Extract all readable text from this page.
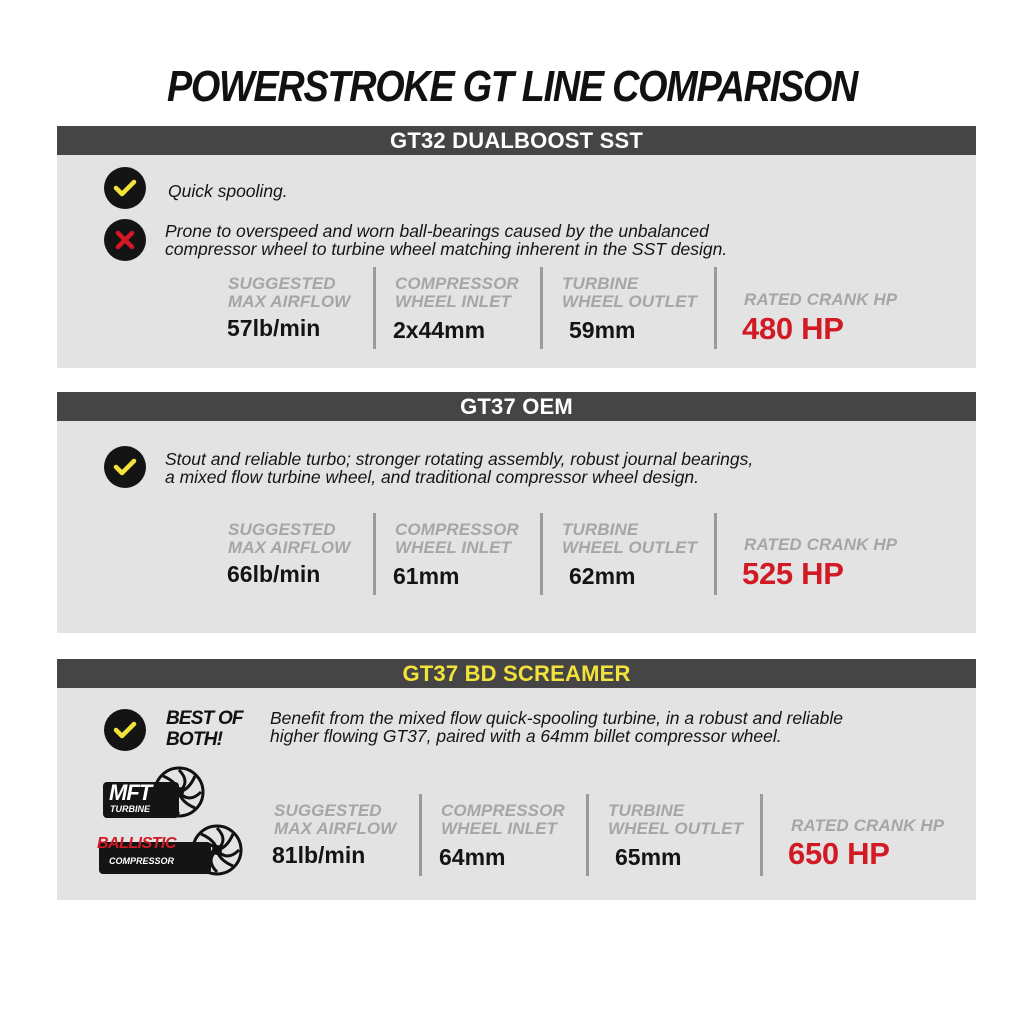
POWERSTROKE GT LINE COMPARISON
GT32 DUALBOOST SST
Quick spooling.
Prone to overspeed and worn ball-bearings caused by the unbalanced
compressor wheel to turbine wheel matching inherent in the SST design.
SUGGESTED
MAX AIRFLOW
57lb/min
COMPRESSOR
WHEEL INLET
2x44mm
TURBINE
WHEEL OUTLET
59mm
RATED CRANK HP
480 HP
GT37 OEM
Stout and reliable turbo; stronger rotating assembly, robust journal bearings,
a mixed flow turbine wheel, and traditional compressor wheel design.
SUGGESTED
MAX AIRFLOW
66lb/min
COMPRESSOR
WHEEL INLET
61mm
TURBINE
WHEEL OUTLET
62mm
RATED CRANK HP
525 HP
GT37 BD SCREAMER
BEST OF
BOTH!
Benefit from the mixed flow quick-spooling turbine, in a robust and reliable
higher flowing GT37, paired with a 64mm billet compressor wheel.
MFT
TURBINE
BALLISTIC
COMPRESSOR
SUGGESTED
MAX AIRFLOW
81lb/min
COMPRESSOR
WHEEL INLET
64mm
TURBINE
WHEEL OUTLET
65mm
RATED CRANK HP
650 HP
